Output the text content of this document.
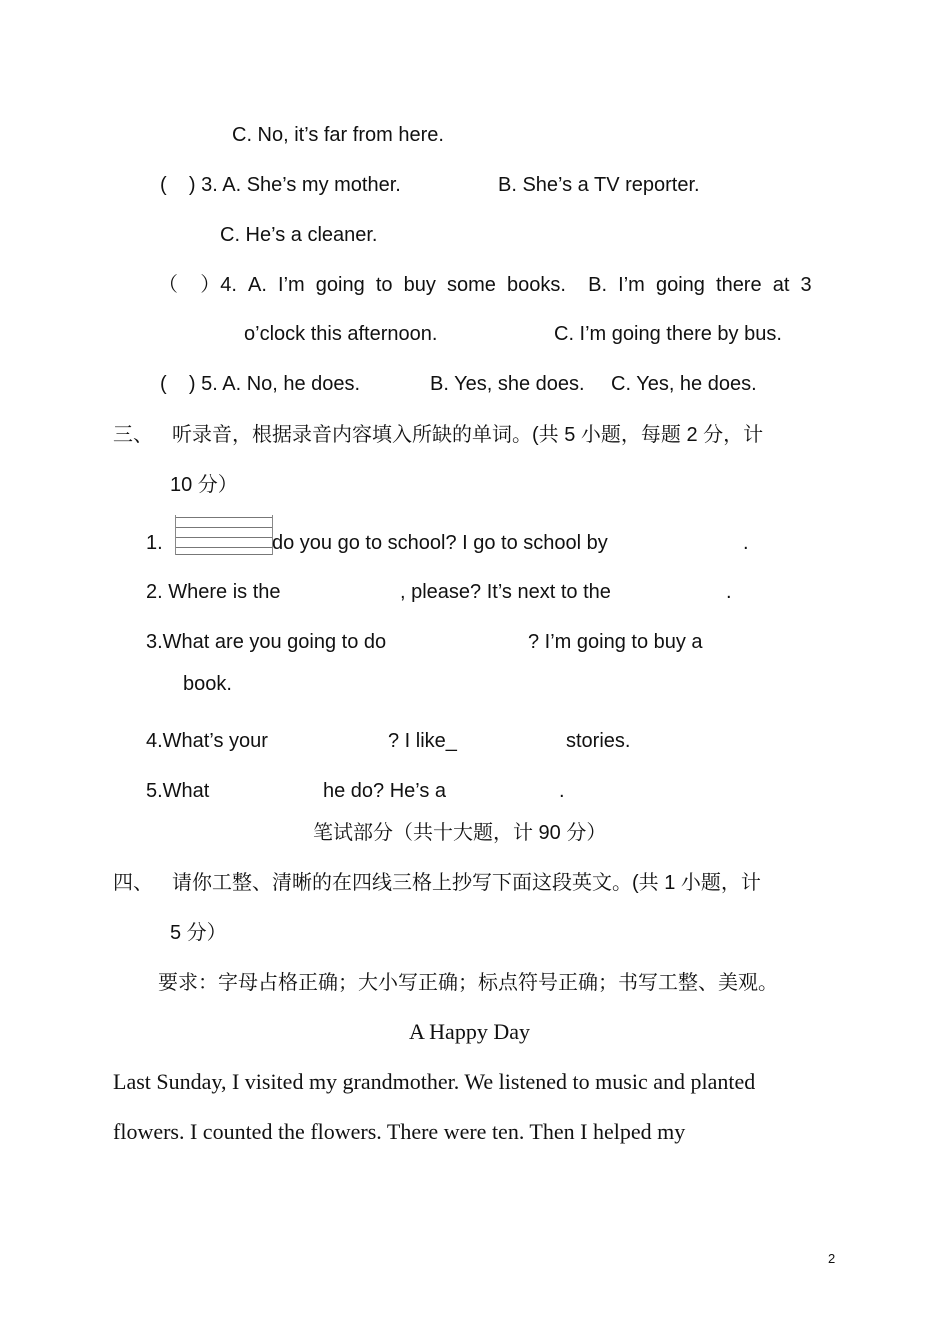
C. No, it’s far from here.
(    ) 3. A. She’s my mother.	B. She’s a TV reporter.
C. He’s a cleaner.
（    ）4.  A.  I’m  going  to  buy  some  books.    B.  I’m  going  there  at  3
o’clock this afternoon.	C. I’m going there by bus.
(    ) 5. A. No, he does.	B. Yes, she does. C. Yes, he does.
三、 听录音，根据录音内容填入所缺的单词。(共 5 小题，每题 2 分，计
10 分）
1.	do you go to school? I go to school by	.
2. Where is the	, please? It’s next to the	.
3.What are you going to do	? I’m going to buy a
book.
4.What’s your	? I like_	stories.
5.What	he do? He’s a	.
笔试部分（共十大题，计 90 分）
四、 请你工整、清晰的在四线三格上抄写下面这段英文。(共 1 小题，计
5 分）
要求：字母占格正确；大小写正确；标点符号正确；书写工整、美观。
A Happy Day
Last Sunday, I visited my grandmother. We listened to music and planted
flowers. I counted the flowers. There were ten. Then I helped my
2
